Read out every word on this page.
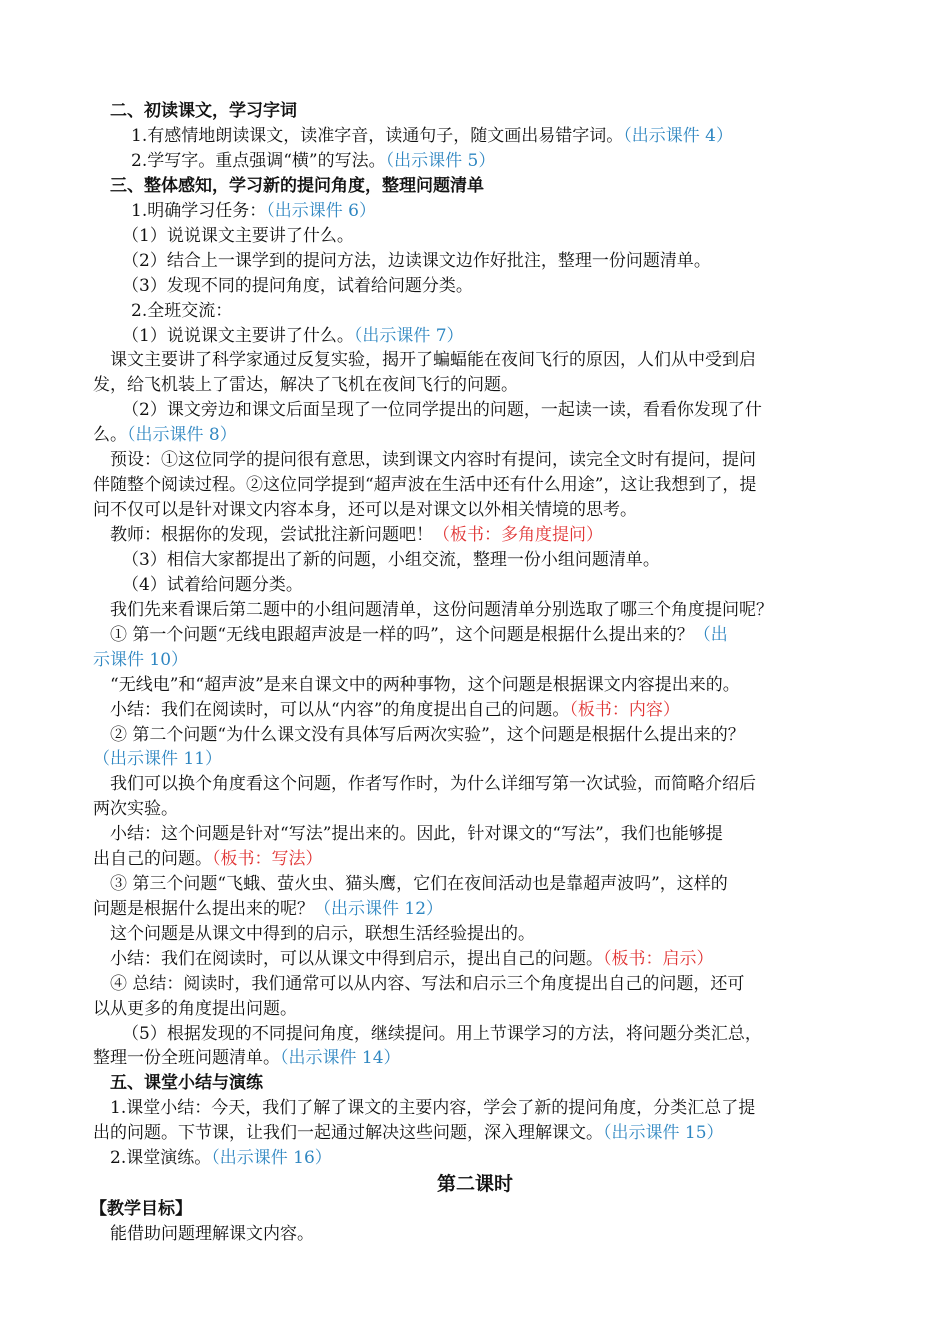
　二、初读课文，学习字词
1.有感情地朗读课文，读准字音，读通句子，随文画出易错字词。（出示课件 4）
2.学写字。重点强调“横”的写法。（出示课件 5）
　三、整体感知，学习新的提问角度，整理问题清单
1.明确学习任务：（出示课件 6）
（1）说说课文主要讲了什么。
（2）结合上一课学到的提问方法，边读课文边作好批注，整理一份问题清单。
（3）发现不同的提问角度，试着给问题分类。
2.全班交流：
（1）说说课文主要讲了什么。（出示课件 7）
　课文主要讲了科学家通过反复实验，揭开了蝙蝠能在夜间飞行的原因，人们从中受到启
发，给飞机装上了雷达，解决了飞机在夜间飞行的问题。
（2）课文旁边和课文后面呈现了一位同学提出的问题，一起读一读，看看你发现了什
么。（出示课件 8）
　预设：①这位同学的提问很有意思，读到课文内容时有提问，读完全文时有提问，提问
伴随整个阅读过程。②这位同学提到“超声波在生活中还有什么用途”，这让我想到了，提
问不仅可以是针对课文内容本身，还可以是对课文以外相关情境的思考。
　教师：根据你的发现，尝试批注新问题吧！（板书：多角度提问）
（3）相信大家都提出了新的问题，小组交流，整理一份小组问题清单。
（4）试着给问题分类。
　我们先来看课后第二题中的小组问题清单，这份问题清单分别选取了哪三个角度提问呢？
　① 第一个问题“无线电跟超声波是一样的吗”，这个问题是根据什么提出来的？（出
示课件 10）
　“无线电”和“超声波”是来自课文中的两种事物，这个问题是根据课文内容提出来的。
　小结：我们在阅读时，可以从“内容”的角度提出自己的问题。（板书：内容）
　② 第二个问题“为什么课文没有具体写后两次实验”，这个问题是根据什么提出来的？
（出示课件 11）
　我们可以换个角度看这个问题，作者写作时，为什么详细写第一次试验，而简略介绍后
两次实验。
　小结：这个问题是针对“写法”提出来的。因此，针对课文的“写法”，我们也能够提
出自己的问题。（板书：写法）
　③ 第三个问题“飞蛾、萤火虫、猫头鹰，它们在夜间活动也是靠超声波吗”，这样的
问题是根据什么提出来的呢？（出示课件 12）
　这个问题是从课文中得到的启示，联想生活经验提出的。
　小结：我们在阅读时，可以从课文中得到启示，提出自己的问题。（板书：启示）
　④ 总结：阅读时，我们通常可以从内容、写法和启示三个角度提出自己的问题，还可
以从更多的角度提出问题。
（5）根据发现的不同提问角度，继续提问。用上节课学习的方法，将问题分类汇总，
整理一份全班问题清单。（出示课件 14）
　五、课堂小结与演练
　1.课堂小结：今天，我们了解了课文的主要内容，学会了新的提问角度，分类汇总了提
出的问题。下节课，让我们一起通过解决这些问题，深入理解课文。（出示课件 15）
　2.课堂演练。（出示课件 16）
第二课时
【教学目标】
　能借助问题理解课文内容。
